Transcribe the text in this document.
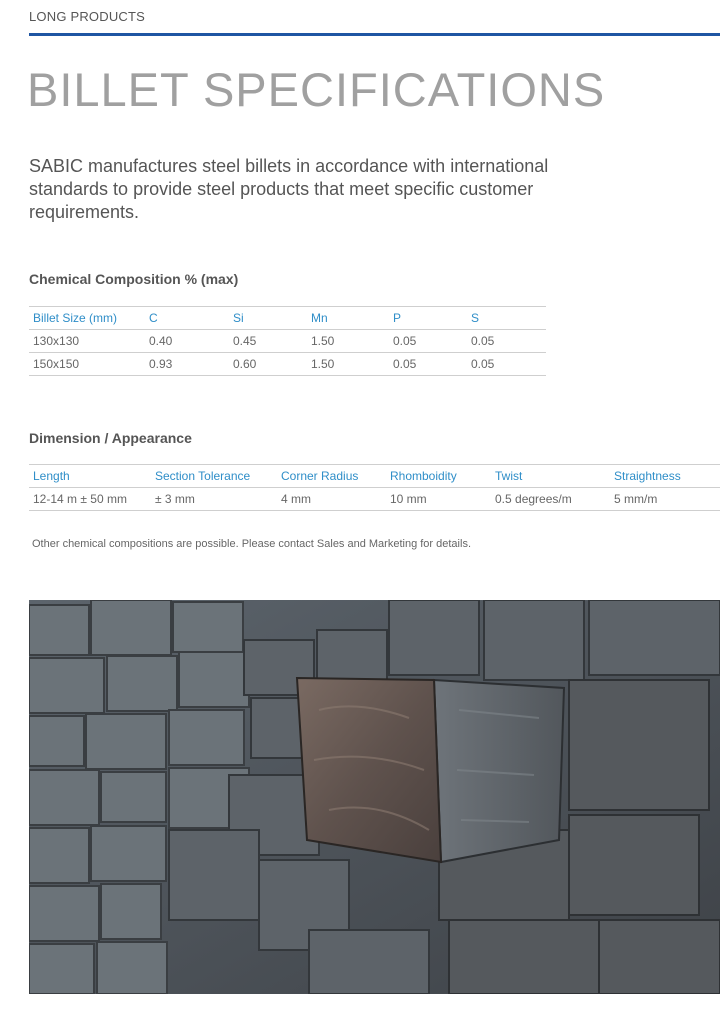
LONG PRODUCTS
BILLET SPECIFICATIONS

SABIC manufactures steel billets in accordance with international standards to provide steel products that meet specific customer requirements.

Chemical Composition % (max)
Billet Size (mm)	C	Si	Mn	P	S
130x130	0.40	0.45	1.50	0.05	0.05
150x150	0.93	0.60	1.50	0.05	0.05
Dimension / Appearance
Length	Section Tolerance	Corner Radius	Rhomboidity	Twist	Straightness
12-14 m ± 50 mm	± 3 mm	4 mm	10 mm	0.5 degrees/m	5 mm/m

Other chemical compositions are possible. Please contact Sales and Marketing for details.
